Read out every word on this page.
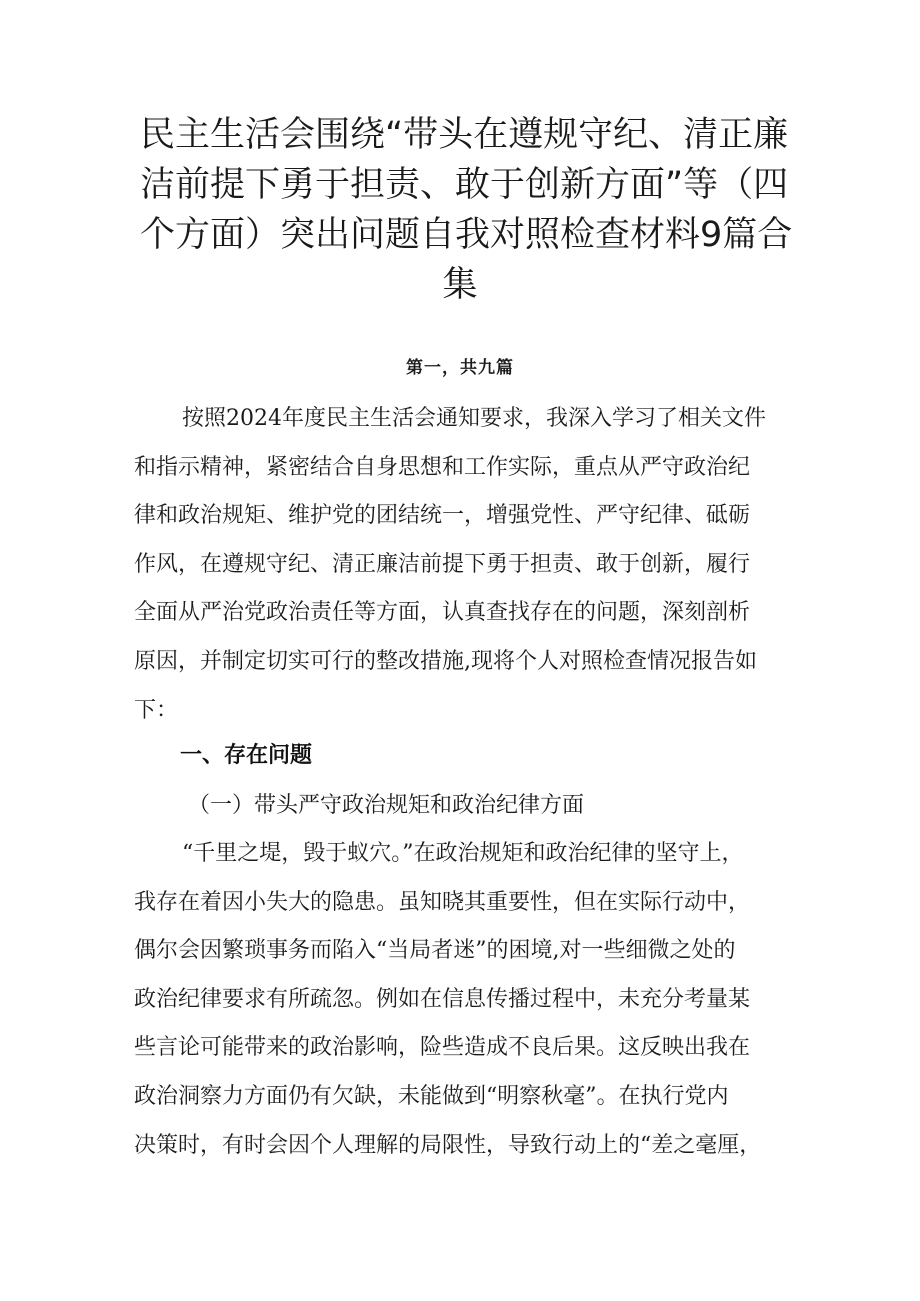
民主生活会围绕“带头在遵规守纪、清正廉
洁前提下勇于担责、敢于创新方面”等（四
个方面）突出问题自我对照检查材料9篇合
集
第一，共九篇
按照2024年度民主生活会通知要求，我深入学习了相关文件
和指示精神，紧密结合自身思想和工作实际，重点从严守政治纪
律和政治规矩、维护党的团结统一，增强党性、严守纪律、砥砺
作风，在遵规守纪、清正廉洁前提下勇于担责、敢于创新，履行
全面从严治党政治责任等方面，认真查找存在的问题，深刻剖析
原因，并制定切实可行的整改措施,现将个人对照检查情况报告如
下：
一、存在问题
（一）带头严守政治规矩和政治纪律方面
“千里之堤，毁于蚁穴。”在政治规矩和政治纪律的坚守上，
我存在着因小失大的隐患。虽知晓其重要性，但在实际行动中，
偶尔会因繁琐事务而陷入“当局者迷”的困境,对一些细微之处的
政治纪律要求有所疏忽。例如在信息传播过程中，未充分考量某
些言论可能带来的政治影响，险些造成不良后果。这反映出我在
政治洞察力方面仍有欠缺，未能做到“明察秋毫”。在执行党内
决策时，有时会因个人理解的局限性，导致行动上的“差之毫厘，
